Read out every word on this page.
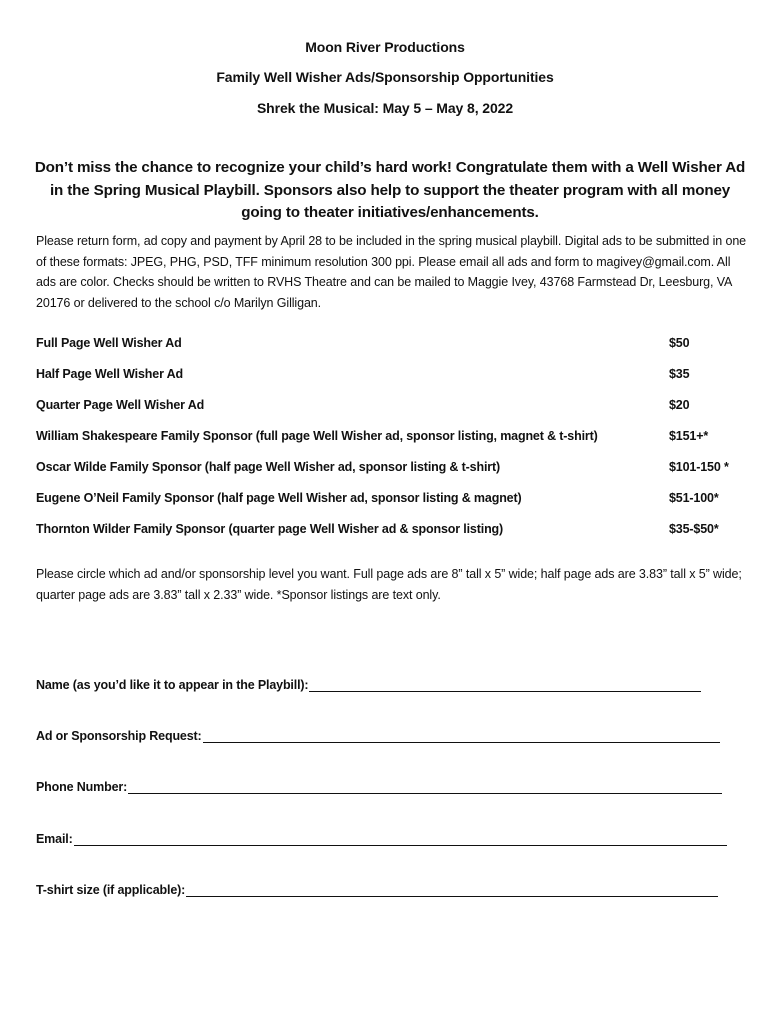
Moon River Productions
Family Well Wisher Ads/Sponsorship Opportunities
Shrek the Musical: May 5 – May 8, 2022
Don’t miss the chance to recognize your child’s hard work! Congratulate them with a Well Wisher Ad in the Spring Musical Playbill. Sponsors also help to support the theater program with all money going to theater initiatives/enhancements.
Please return form, ad copy and payment by April 28 to be included in the spring musical playbill. Digital ads to be submitted in one of these formats: JPEG, PHG, PSD, TFF minimum resolution 300 ppi. Please email all ads and form to magivey@gmail.com. All ads are color. Checks should be written to RVHS Theatre and can be mailed to Maggie Ivey, 43768 Farmstead Dr, Leesburg, VA 20176 or delivered to the school c/o Marilyn Gilligan.
Full Page Well Wisher Ad	$50
Half Page Well Wisher Ad	$35
Quarter Page Well Wisher Ad	$20
William Shakespeare Family Sponsor (full page Well Wisher ad, sponsor listing, magnet & t-shirt)	$151+*
Oscar Wilde Family Sponsor (half page Well Wisher ad, sponsor listing & t-shirt)	$101-150 *
Eugene O’Neil Family Sponsor (half page Well Wisher ad, sponsor listing & magnet)	$51-100*
Thornton Wilder Family Sponsor (quarter page Well Wisher ad & sponsor listing)	$35-$50*
Please circle which ad and/or sponsorship level you want. Full page ads are 8” tall x 5” wide; half page ads are 3.83” tall x 5” wide; quarter page ads are 3.83” tall x 2.33” wide. *Sponsor listings are text only.
Name (as you’d like it to appear in the Playbill):
Ad or Sponsorship Request:
Phone Number:
Email:
T-shirt size (if applicable):
